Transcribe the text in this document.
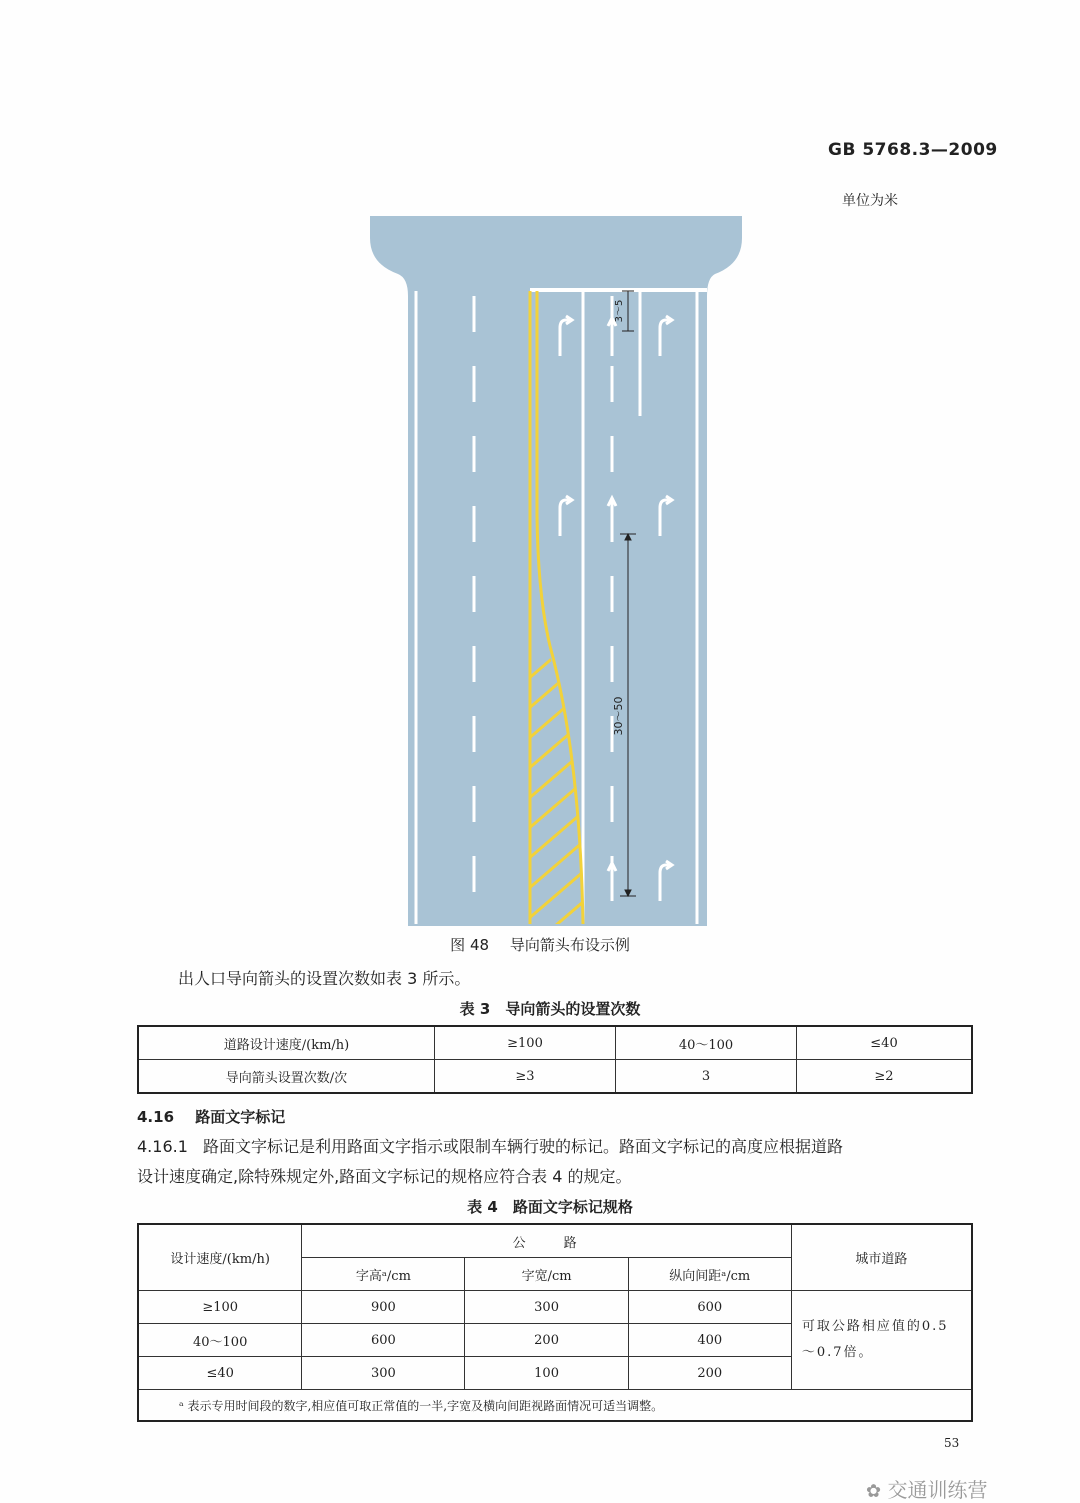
GB 5768.3—2009
单位为米
3～5
30～50
图 48 导向箭头布设示例
出人口导向箭头的设置次数如表 3 所示。
表 3　导向箭头的设置次数
道路设计速度/(km/h)	≥100	40～100	≤40
导向箭头设置次数/次	≥3	3	≥2
4.16 路面文字标记
4.16.1 路面文字标记是利用路面文字指示或限制车辆行驶的标记。路面文字标记的高度应根据道路
设计速度确定,除特殊规定外,路面文字标记的规格应符合表 4 的规定。
表 4　路面文字标记规格
设计速度/(km/h)	公　　路			城市道路
	字高ᵃ/cm	字宽/cm	纵向间距ᵃ/cm	
≥100	900	300	600	可取公路相应值的0.5～0.7倍。
40～100	600	200	400	
≤40	300	100	200	
ᵃ 表示专用时间段的数字,相应值可取正常值的一半,字宽及横向间距视路面情况可适当调整。				
53
✿ 交通训练营
